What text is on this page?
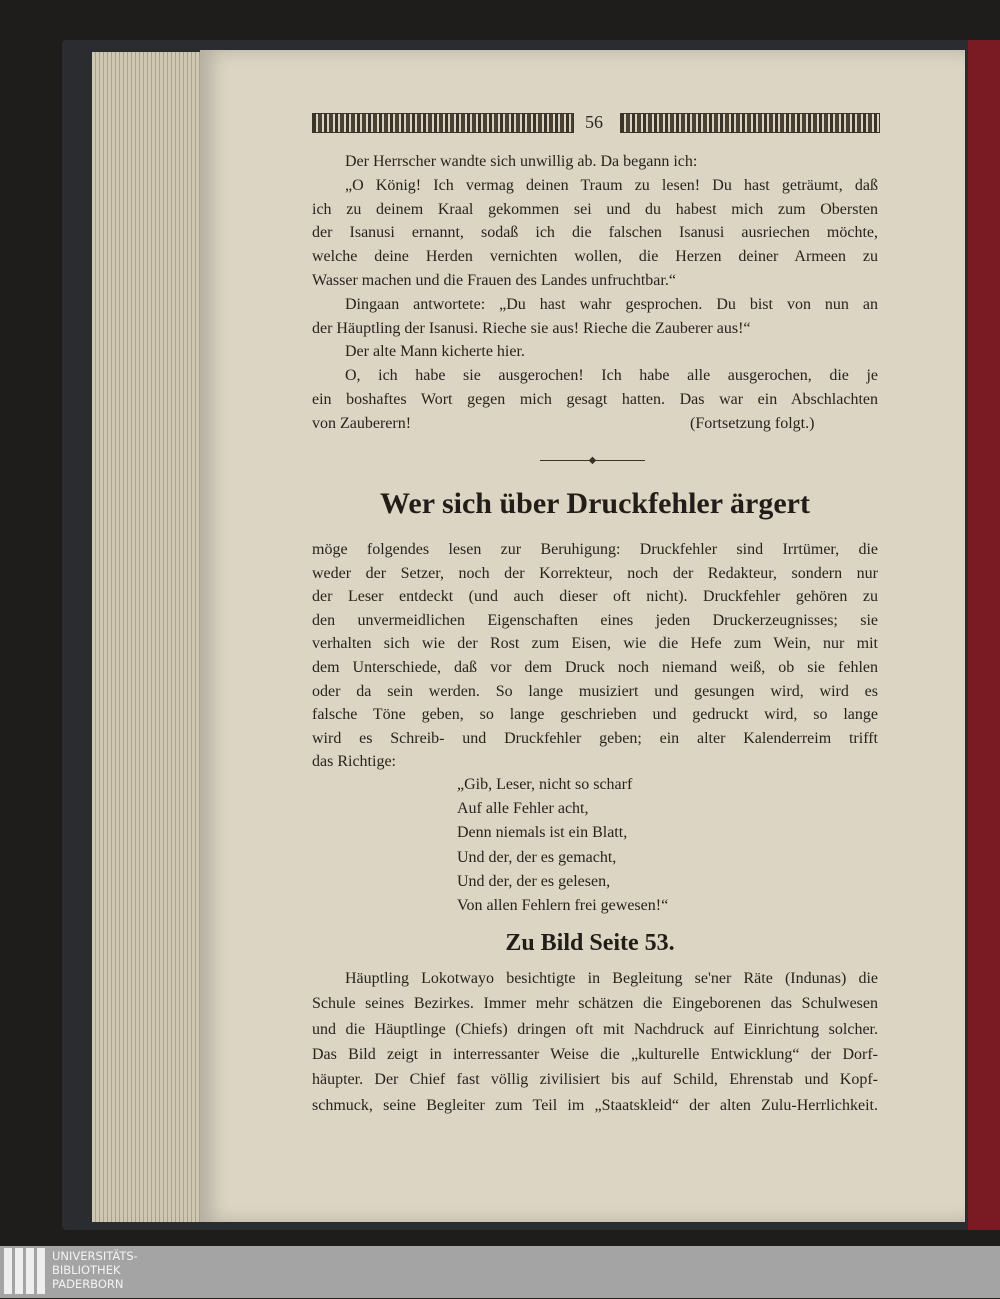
56
Der Herrscher wandte sich unwillig ab. Da begann ich:
„O König! Ich vermag deinen Traum zu lesen! Du hast geträumt, daß
ich zu deinem Kraal gekommen sei und du habest mich zum Obersten
der Isanusi ernannt, sodaß ich die falschen Isanusi ausriechen möchte,
welche deine Herden vernichten wollen, die Herzen deiner Armeen zu
Wasser machen und die Frauen des Landes unfruchtbar.“
Dingaan antwortete: „Du hast wahr gesprochen. Du bist von nun an
der Häuptling der Isanusi. Rieche sie aus! Rieche die Zauberer aus!“
Der alte Mann kicherte hier.
O, ich habe sie ausgerochen! Ich habe alle ausgerochen, die je
ein boshaftes Wort gegen mich gesagt hatten. Das war ein Abschlachten
von Zauberern!	(Fortsetzung folgt.)
◆
Wer sich über Druckfehler ärgert
möge folgendes lesen zur Beruhigung: Druckfehler sind Irrtümer, die
weder der Setzer, noch der Korrekteur, noch der Redakteur, sondern nur
der Leser entdeckt (und auch dieser oft nicht). Druckfehler gehören zu
den unvermeidlichen Eigenschaften eines jeden Druckerzeugnisses; sie
verhalten sich wie der Rost zum Eisen, wie die Hefe zum Wein, nur mit
dem Unterschiede, daß vor dem Druck noch niemand weiß, ob sie fehlen
oder da sein werden. So lange musiziert und gesungen wird, wird es
falsche Töne geben, so lange geschrieben und gedruckt wird, so lange
wird es Schreib- und Druckfehler geben; ein alter Kalenderreim trifft
das Richtige:
„Gib, Leser, nicht so scharf
Auf alle Fehler acht,
Denn niemals ist ein Blatt,
Und der, der es gemacht,
Und der, der es gelesen,
Von allen Fehlern frei gewesen!“
Zu Bild Seite 53.
Häuptling Lokotwayo besichtigte in Begleitung se'ner Räte (Indunas) die
Schule seines Bezirkes. Immer mehr schätzen die Eingeborenen das Schulwesen
und die Häuptlinge (Chiefs) dringen oft mit Nachdruck auf Einrichtung solcher.
Das Bild zeigt in interressanter Weise die „kulturelle Entwicklung“ der Dorf-
häupter. Der Chief fast völlig zivilisiert bis auf Schild, Ehrenstab und Kopf-
schmuck, seine Begleiter zum Teil im „Staatskleid“ der alten Zulu-Herrlichkeit.
UNIVERSITÄTS-
BIBLIOTHEK
PADERBORN
